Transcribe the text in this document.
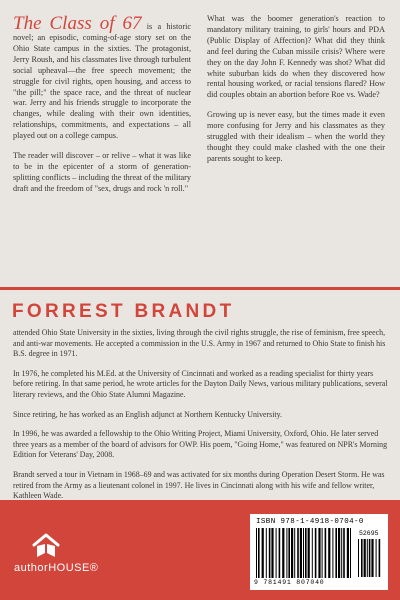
The Class of 67 is a historic novel; an episodic, coming-of-age story set on the Ohio State campus in the sixties. The protagonist, Jerry Roush, and his classmates live through turbulent social upheaval—the free speech movement; the struggle for civil rights, open housing, and access to "the pill;" the space race, and the threat of nuclear war. Jerry and his friends struggle to incorporate the changes, while dealing with their own identities, relationships, commitments, and expectations – all played out on a college campus.

The reader will discover – or relive – what it was like to be in the epicenter of a storm of generation-splitting conflicts – including the threat of the military draft and the freedom of "sex, drugs and rock 'n roll."

What was the boomer generation's reaction to mandatory military training, to girls' hours and PDA (Public Display of Affection)? What did they think and feel during the Cuban missile crisis? Where were they on the day John F. Kennedy was shot? What did white suburban kids do when they discovered how rental housing worked, or racial tensions flared? How did couples obtain an abortion before Roe vs. Wade?

Growing up is never easy, but the times made it even more confusing for Jerry and his classmates as they struggled with their idealism – when the world they thought they could make clashed with the one their parents sought to keep.

FORREST BRANDT

attended Ohio State University in the sixties, living through the civil rights struggle, the rise of feminism, free speech, and anti-war movements. He accepted a commission in the U.S. Army in 1967 and returned to Ohio State to finish his B.S. degree in 1971.

In 1976, he completed his M.Ed. at the University of Cincinnati and worked as a reading specialist for thirty years before retiring. In that same period, he wrote articles for the Dayton Daily News, various military publications, several literary reviews, and the Ohio State Alumni Magazine.

Since retiring, he has worked as an English adjunct at Northern Kentucky University.

In 1996, he was awarded a fellowship to the Ohio Writing Project, Miami University, Oxford, Ohio. He later served three years as a member of the board of advisors for OWP. His poem, "Going Home," was featured on NPR's Morning Edition for Veterans' Day, 2008.

Brandt served a tour in Vietnam in 1968–69 and was activated for six months during Operation Desert Storm. He was retired from the Army as a lieutenant colonel in 1997. He lives in Cincinnati along with his wife and fellow writer, Kathleen Wade.

authorHOUSE®
ISBN 978-1-4918-0704-0
52695
9 781491 807040
